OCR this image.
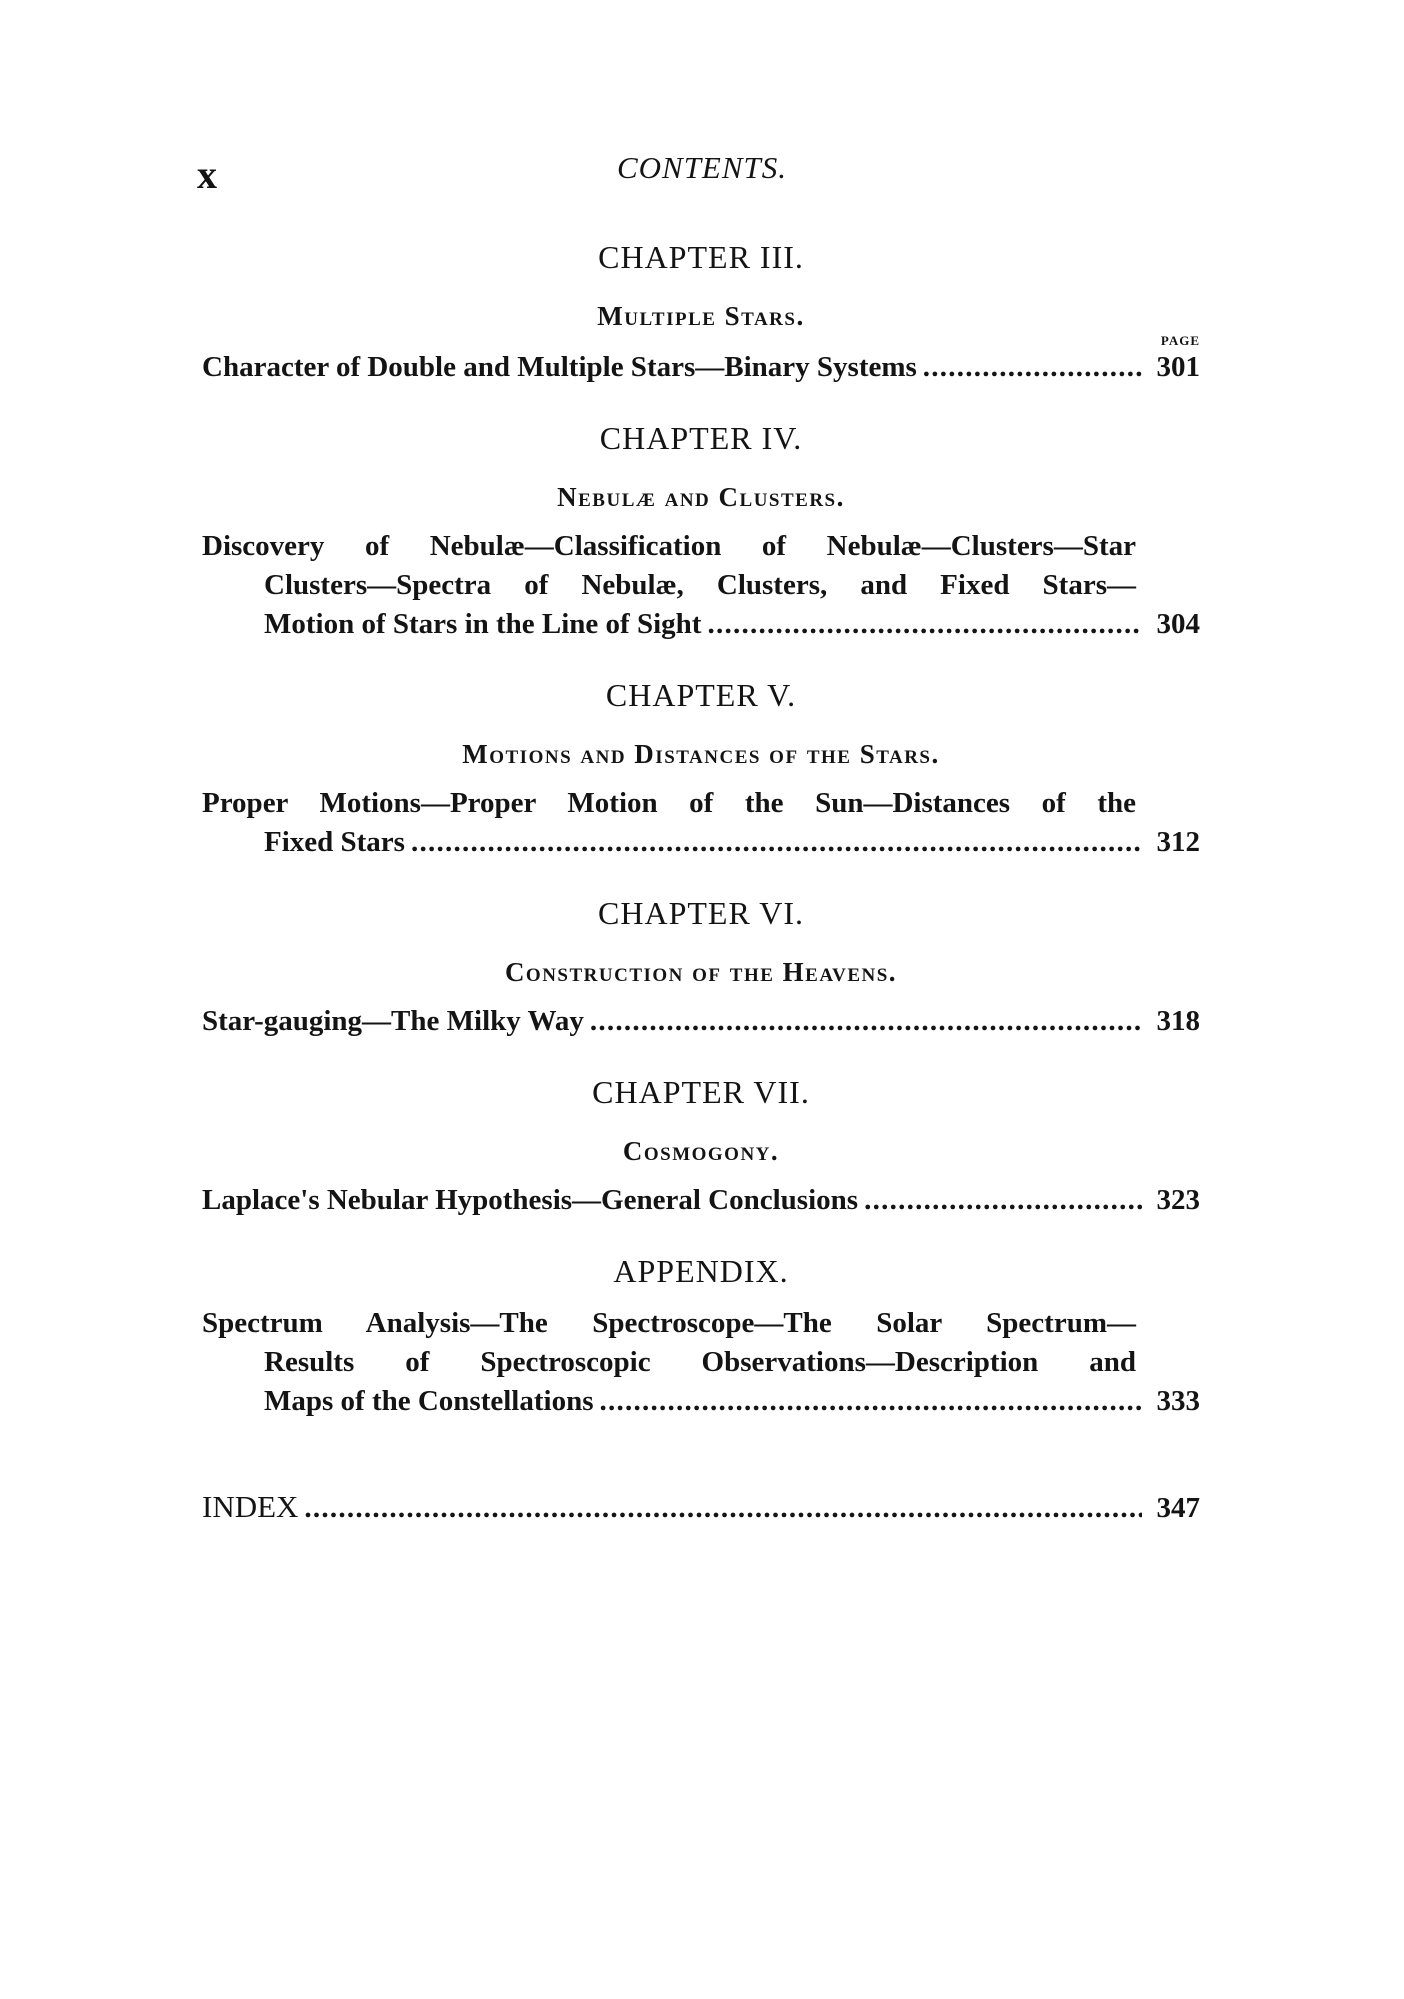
x	CONTENTS.
CHAPTER III.
Multiple Stars.
PAGE
Character of Double and Multiple Stars—Binary Systems . . .	301
CHAPTER IV.
Nebulæ and Clusters.
Discovery of Nebulæ—Classification of Nebulæ—Clusters—Star
Clusters—Spectra of Nebulæ, Clusters, and Fixed Stars—
Motion of Stars in the Line of Sight . . .	304
CHAPTER V.
Motions and Distances of the Stars.
Proper Motions—Proper Motion of the Sun—Distances of the
Fixed Stars . . .	312
CHAPTER VI.
Construction of the Heavens.
Star-gauging—The Milky Way . . .	318
CHAPTER VII.
Cosmogony.
Laplace's Nebular Hypothesis—General Conclusions . . .	323
APPENDIX.
Spectrum Analysis—The Spectroscope—The Solar Spectrum—
Results of Spectroscopic Observations—Description and
Maps of the Constellations . . .	333
INDEX . . .	347
